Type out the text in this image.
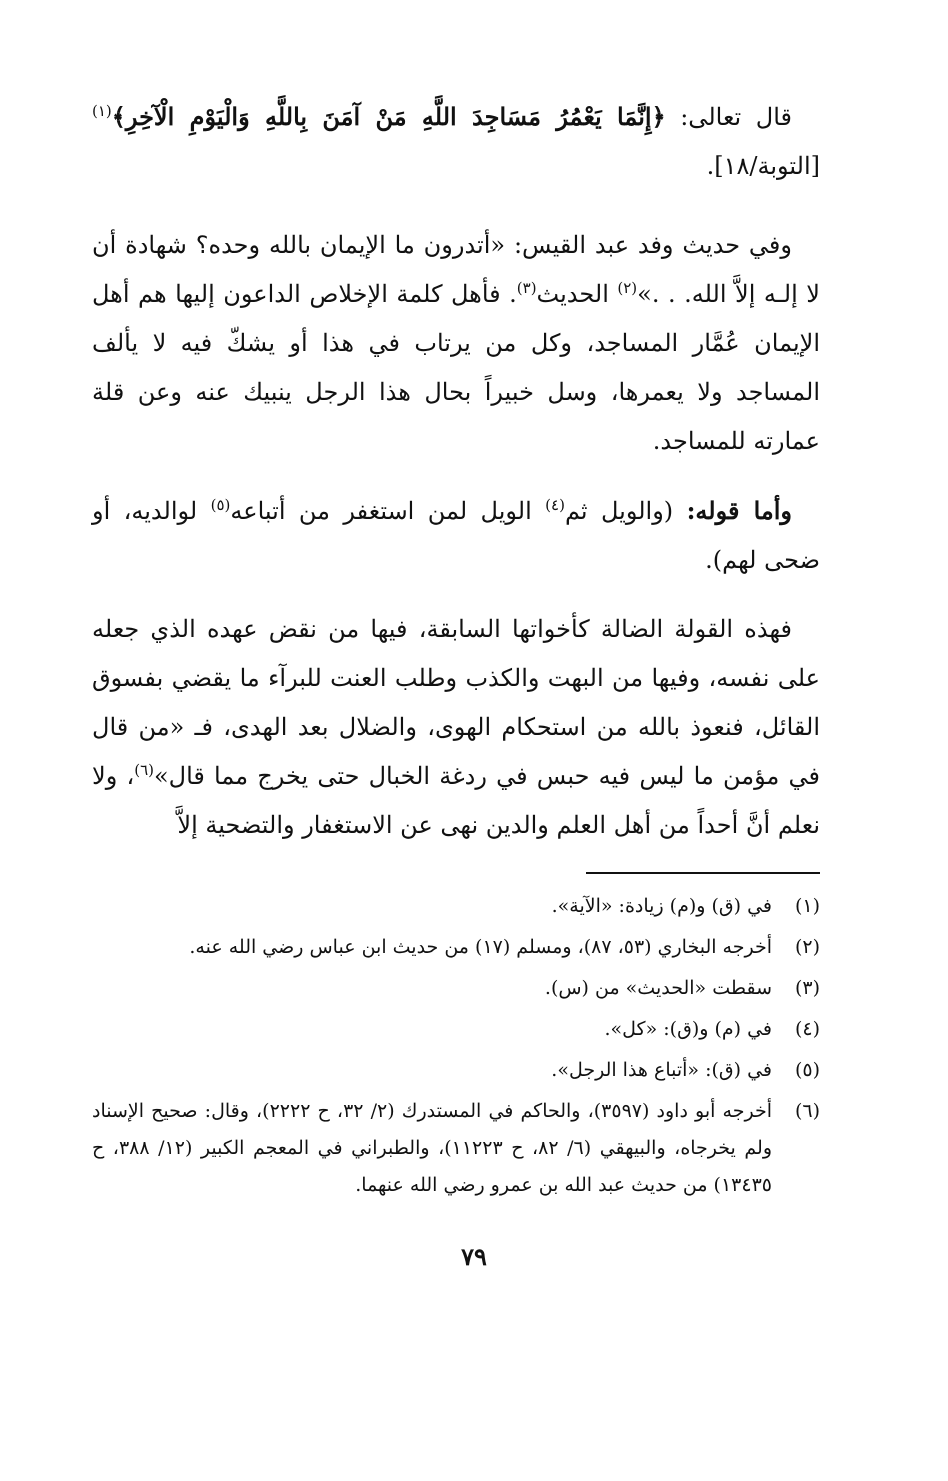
قال تعالى: ﴿إِنَّمَا يَعْمُرُ مَسَاجِدَ اللَّهِ مَنْ آمَنَ بِاللَّهِ وَالْيَوْمِ الْآخِرِ﴾$^{(١)}$ [التوبة/١٨].

وفي حديث وفد عبد القيس: «أتدرون ما الإيمان بالله وحده؟ شهادة أن لا إلـه إلاَّ الله. . .»$^{(٢)}$ الحديث$^{(٣)}$. فأهل كلمة الإخلاص الداعون إليها هم أهل الإيمان عُمَّار المساجد، وكل من يرتاب في هذا أو يشكّ فيه لا يألف المساجد ولا يعمرها، وسل خبيراً بحال هذا الرجل ينبيك عنه وعن قلة عمارته للمساجد.

وأما قوله: (والويل ثم$^{(٤)}$ الويل لمن استغفر من أتباعه$^{(٥)}$ لوالديه، أو ضحى لهم).

فهذه القولة الضالة كأخواتها السابقة، فيها من نقض عهده الذي جعله على نفسه، وفيها من البهت والكذب وطلب العنت للبرآء ما يقضي بفسوق القائل، فنعوذ بالله من استحكام الهوى، والضلال بعد الهدى، فـ «من قال في مؤمن ما ليس فيه حبس في ردغة الخبال حتى يخرج مما قال»$^{(٦)}$، ولا نعلم أنَّ أحداً من أهل العلم والدين نهى عن الاستغفار والتضحية إلاَّ

(١)
في (ق) و(م) زيادة: «الآية».
(٢)
أخرجه البخاري (٥٣، ٨٧)، ومسلم (١٧) من حديث ابن عباس رضي الله عنه.
(٣)
سقطت «الحديث» من (س).
(٤)
في (م) و(ق): «كل».
(٥)
في (ق): «أتباع هذا الرجل».
(٦)
أخرجه أبو داود (٣٥٩٧)، والحاكم في المستدرك (٢/ ٣٢، ح ٢٢٢٢)، وقال: صحيح الإسناد ولم يخرجاه، والبيهقي (٦/ ٨٢، ح ١١٢٢٣)، والطبراني في المعجم الكبير (١٢/ ٣٨٨، ح ١٣٤٣٥) من حديث عبد الله بن عمرو رضي الله عنهما.
٧٩
